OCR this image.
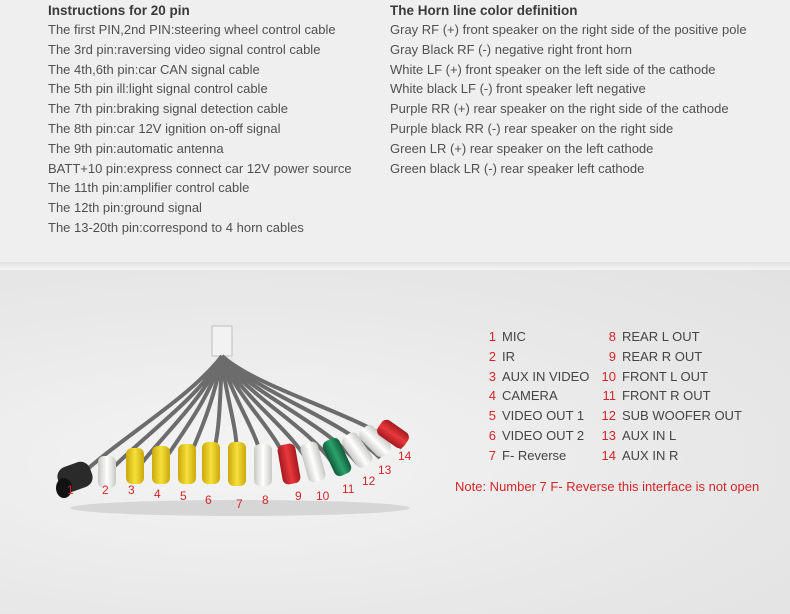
Instructions for 20 pin
The first PIN,2nd PIN:steering wheel control cable
The 3rd pin:raversing video signal control cable
The 4th,6th pin:car CAN signal cable
The 5th pin ill:light signal control cable
The 7th pin:braking signal detection cable
The 8th pin:car 12V ignition on-off signal
The 9th pin:automatic antenna
BATT+10 pin:express connect car 12V power source
The 11th pin:amplifier control cable
The 12th pin:ground signal
The 13-20th pin:correspond to 4 horn cables
The Horn line color definition
Gray RF (+) front speaker on the right side of the positive pole
Gray Black RF (-) negative right front horn
White LF (+) front speaker on the left side of the cathode
White black LF (-) front speaker left negative
Purple RR (+) rear speaker on the right side of the cathode
Purple black RR (-) rear speaker on the right side
Green LR (+) rear speaker on the left cathode
Green black LR (-) rear speaker left cathode
1 2 3 4 5 6 7 8 9 10 11
12
13
14
1 MIC
2 IR
3 AUX IN VIDEO
4 CAMERA
5 VIDEO OUT 1
6 VIDEO OUT 2
7 F- Reverse
8 REAR L OUT
9 REAR R OUT
10 FRONT L OUT
11 FRONT R OUT
12 SUB WOOFER OUT
13 AUX IN L
14 AUX IN R
Note: Number 7 F- Reverse this interface is not open
